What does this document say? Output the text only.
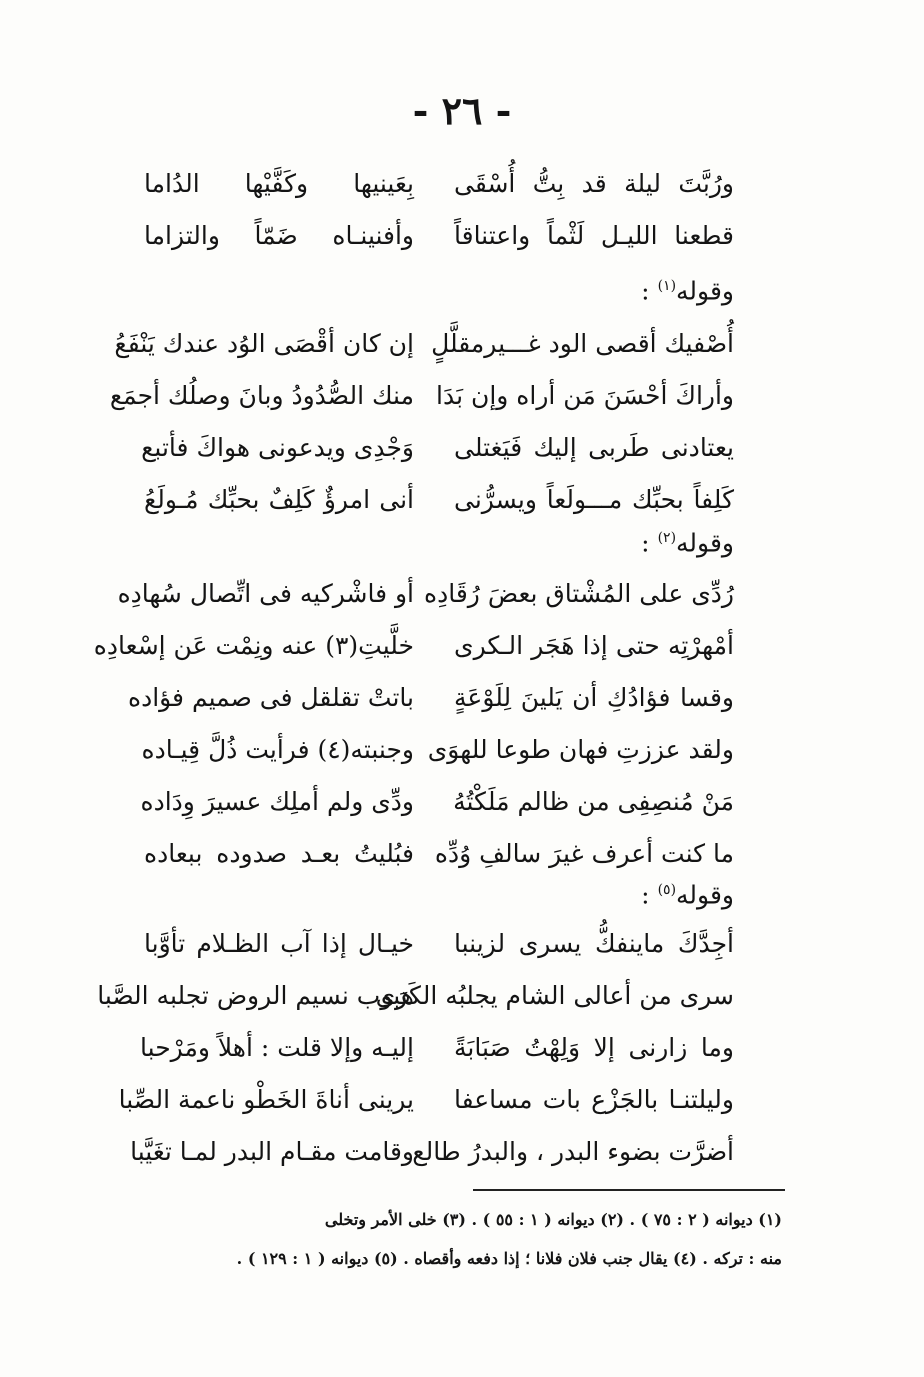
- ٢٦ -
ورُبَّتَ ليلة قد بِتُّ أُسْقَى
بِعَينيها وكَفَّيْها الدُاما
قطعنا الليـل لَثْماً واعتناقاً
وأفنينـاه ضَمّاً والتزاما
وقوله$^{(١)}$ :
أُصْفيك أقصى الود غـــيرمقلَّلٍ
إن كان أقْصَى الوُد عندك يَنْفَعُ
وأراكَ أحْسَنَ مَن أراه وإن بَدَا
منك الصُّدُودُ وبانَ وصلُك أجمَع
يعتادنى طَربى إليك فَيَغتلى
وَجْدِى ويدعونى هواكَ فأتبع
كَلِفاً بحبِّك مـــولَعاً ويسرُّنى
أنى امرؤٌ كَلِفٌ بحبِّك مُـولَعُ
وقوله$^{(٢)}$ :
رُدِّى على المُشْتاق بعضَ رُقَادِه
أو فاشْركيه فى اتِّصال سُهادِه
أمْهرْتِه حتى إذا هَجَر الـكرى
خلَّيتِ(٣) عنه ونِمْت عَن إسْعادِه
وقسا فؤادُكِ أن يَلينَ لِلَوْعَةٍ
باتتْ تقلقل فى صميم فؤاده
ولقد عززتِ فهان طوعا للهوَى
وجنبته(٤) فرأيت ذُلَّ قِيـاده
مَنْ مُنصِفِى من ظالم مَلَكْتُهُ
ودِّى ولم أملِك عسيرَ وِدَاده
ما كنت أعرف غيرَ سالفِ وُدِّه
فبُليتُ بعـد صدوده ببعاده
وقوله$^{(٥)}$ :
أجِدَّكَ ماينفكُّ يسرى لزينبا
خيـال إذا آب الظـلام تأوَّبا
سرى من أعالى الشام يجلبُه الكَرَى
هبوب نسيم الروض تجلبه الصَّبا
وما زارنى إلا وَلِهْتُ صَبَابَةً
إليـه وإلا قلت : أهلاً ومَرْحبا
وليلتنـا بالجَزْع بات مساعفا
يرينى أناةَ الخَطْو ناعمة الصِّبا
أضرَّت بضوء البدر ، والبدرُ طالع
وقامت مقـام البدر لمـا تغَيَّبا
(١) ديوانه ( ٢ : ٧٥ ) . (٢) ديوانه ( ١ : ٥٥ ) . (٣) خلى الأمر وتخلى
منه : تركه . (٤) يقال جنب فلان فلانا ؛ إذا دفعه وأقصاه . (٥) ديوانه ( ١ : ١٢٩ ) .
